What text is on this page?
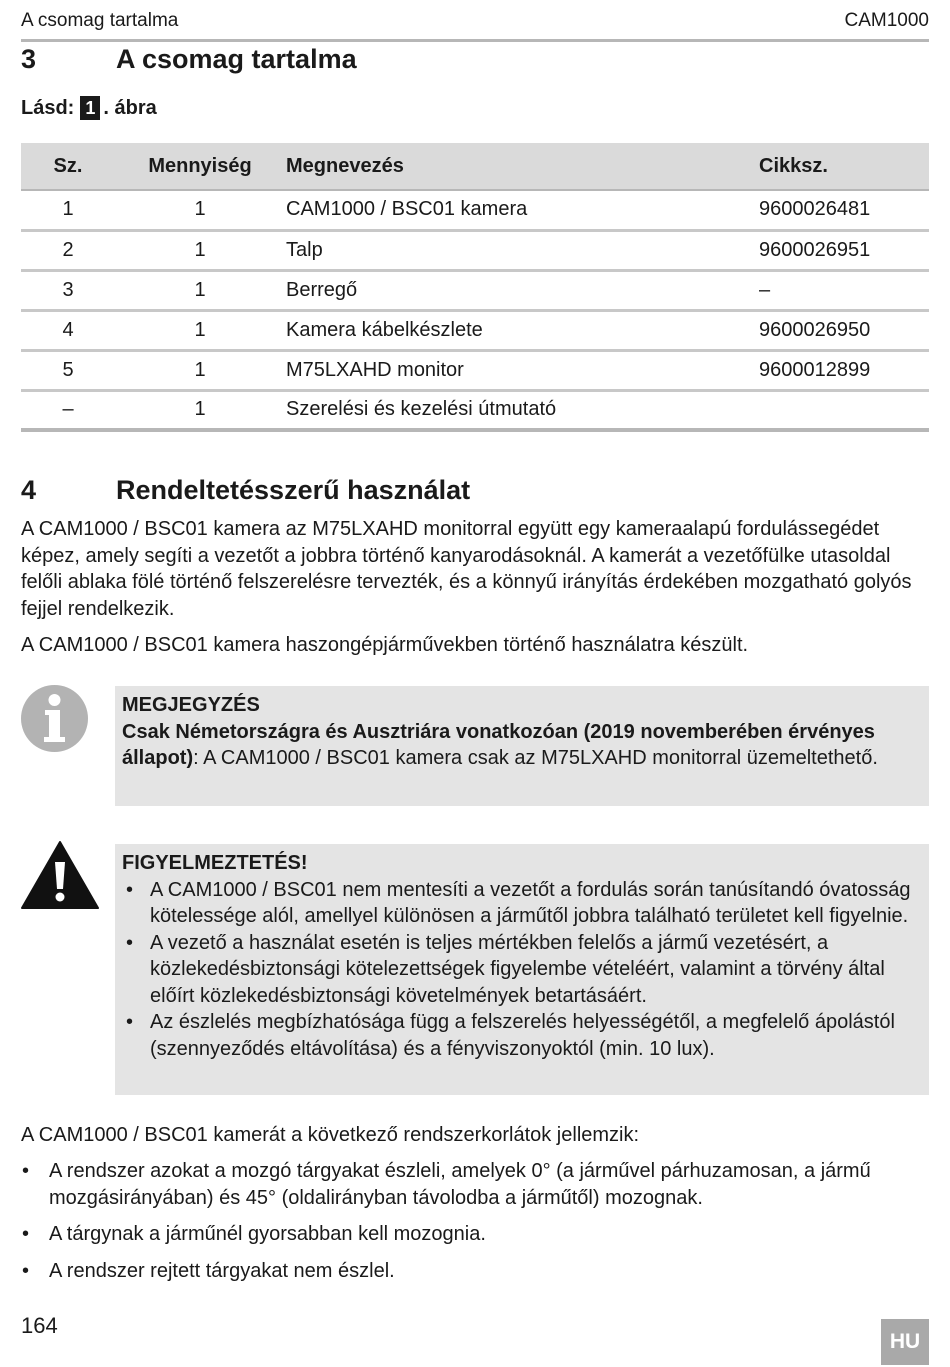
A csomag tartalma	CAM1000
3	A csomag tartalma
Lásd: 1 . ábra
Sz.	Mennyiség	Megnevezés	Cikksz.
1	1	CAM1000 / BSC01 kamera	9600026481
2	1	Talp	9600026951
3	1	Berregő	–
4	1	Kamera kábelkészlete	9600026950
5	1	M75LXAHD monitor	9600012899
–	1	Szerelési és kezelési útmutató	
4	Rendeltetésszerű használat

A CAM1000 / BSC01 kamera az M75LXAHD monitorral együtt egy kameraalapú fordulássegédet képez, amely segíti a vezetőt a jobbra történő kanyarodásoknál. A kamerát a vezetőfülke utasoldal felőli ablaka fölé történő felszerelésre tervezték, és a könnyű irányítás érdekében mozgatható golyós fejjel rendelkezik.

A CAM1000 / BSC01 kamera haszongépjárművekben történő használatra készült.

MEGJEGYZÉS
Csak Németországra és Ausztriára vonatkozóan (2019 novemberében érvényes állapot): A CAM1000 / BSC01 kamera csak az M75LXAHD monitorral üzemeltethető.
FIGYELMEZTETÉS!
• A CAM1000 / BSC01 nem mentesíti a vezetőt a fordulás során tanúsítandó óvatosság kötelessége alól, amellyel különösen a járműtől jobbra található területet kell figyelnie.
• A vezető a használat esetén is teljes mértékben felelős a jármű vezetésért, a közlekedésbiztonsági kötelezettségek figyelembe vételéért, valamint a törvény által előírt közlekedésbiztonsági követelmények betartásáért.
• Az észlelés megbízhatósága függ a felszerelés helyességétől, a megfelelő ápolástól (szennyeződés eltávolítása) és a fényviszonyoktól (min. 10 lux).

A CAM1000 / BSC01 kamerát a következő rendszerkorlátok jellemzik:

• A rendszer azokat a mozgó tárgyakat észleli, amelyek 0° (a járművel párhuzamosan, a jármű mozgásirányában) és 45° (oldalirányban távolodba a járműtől) mozognak.
• A tárgynak a járműnél gyorsabban kell mozognia.
• A rendszer rejtett tárgyakat nem észlel.
164
HU
